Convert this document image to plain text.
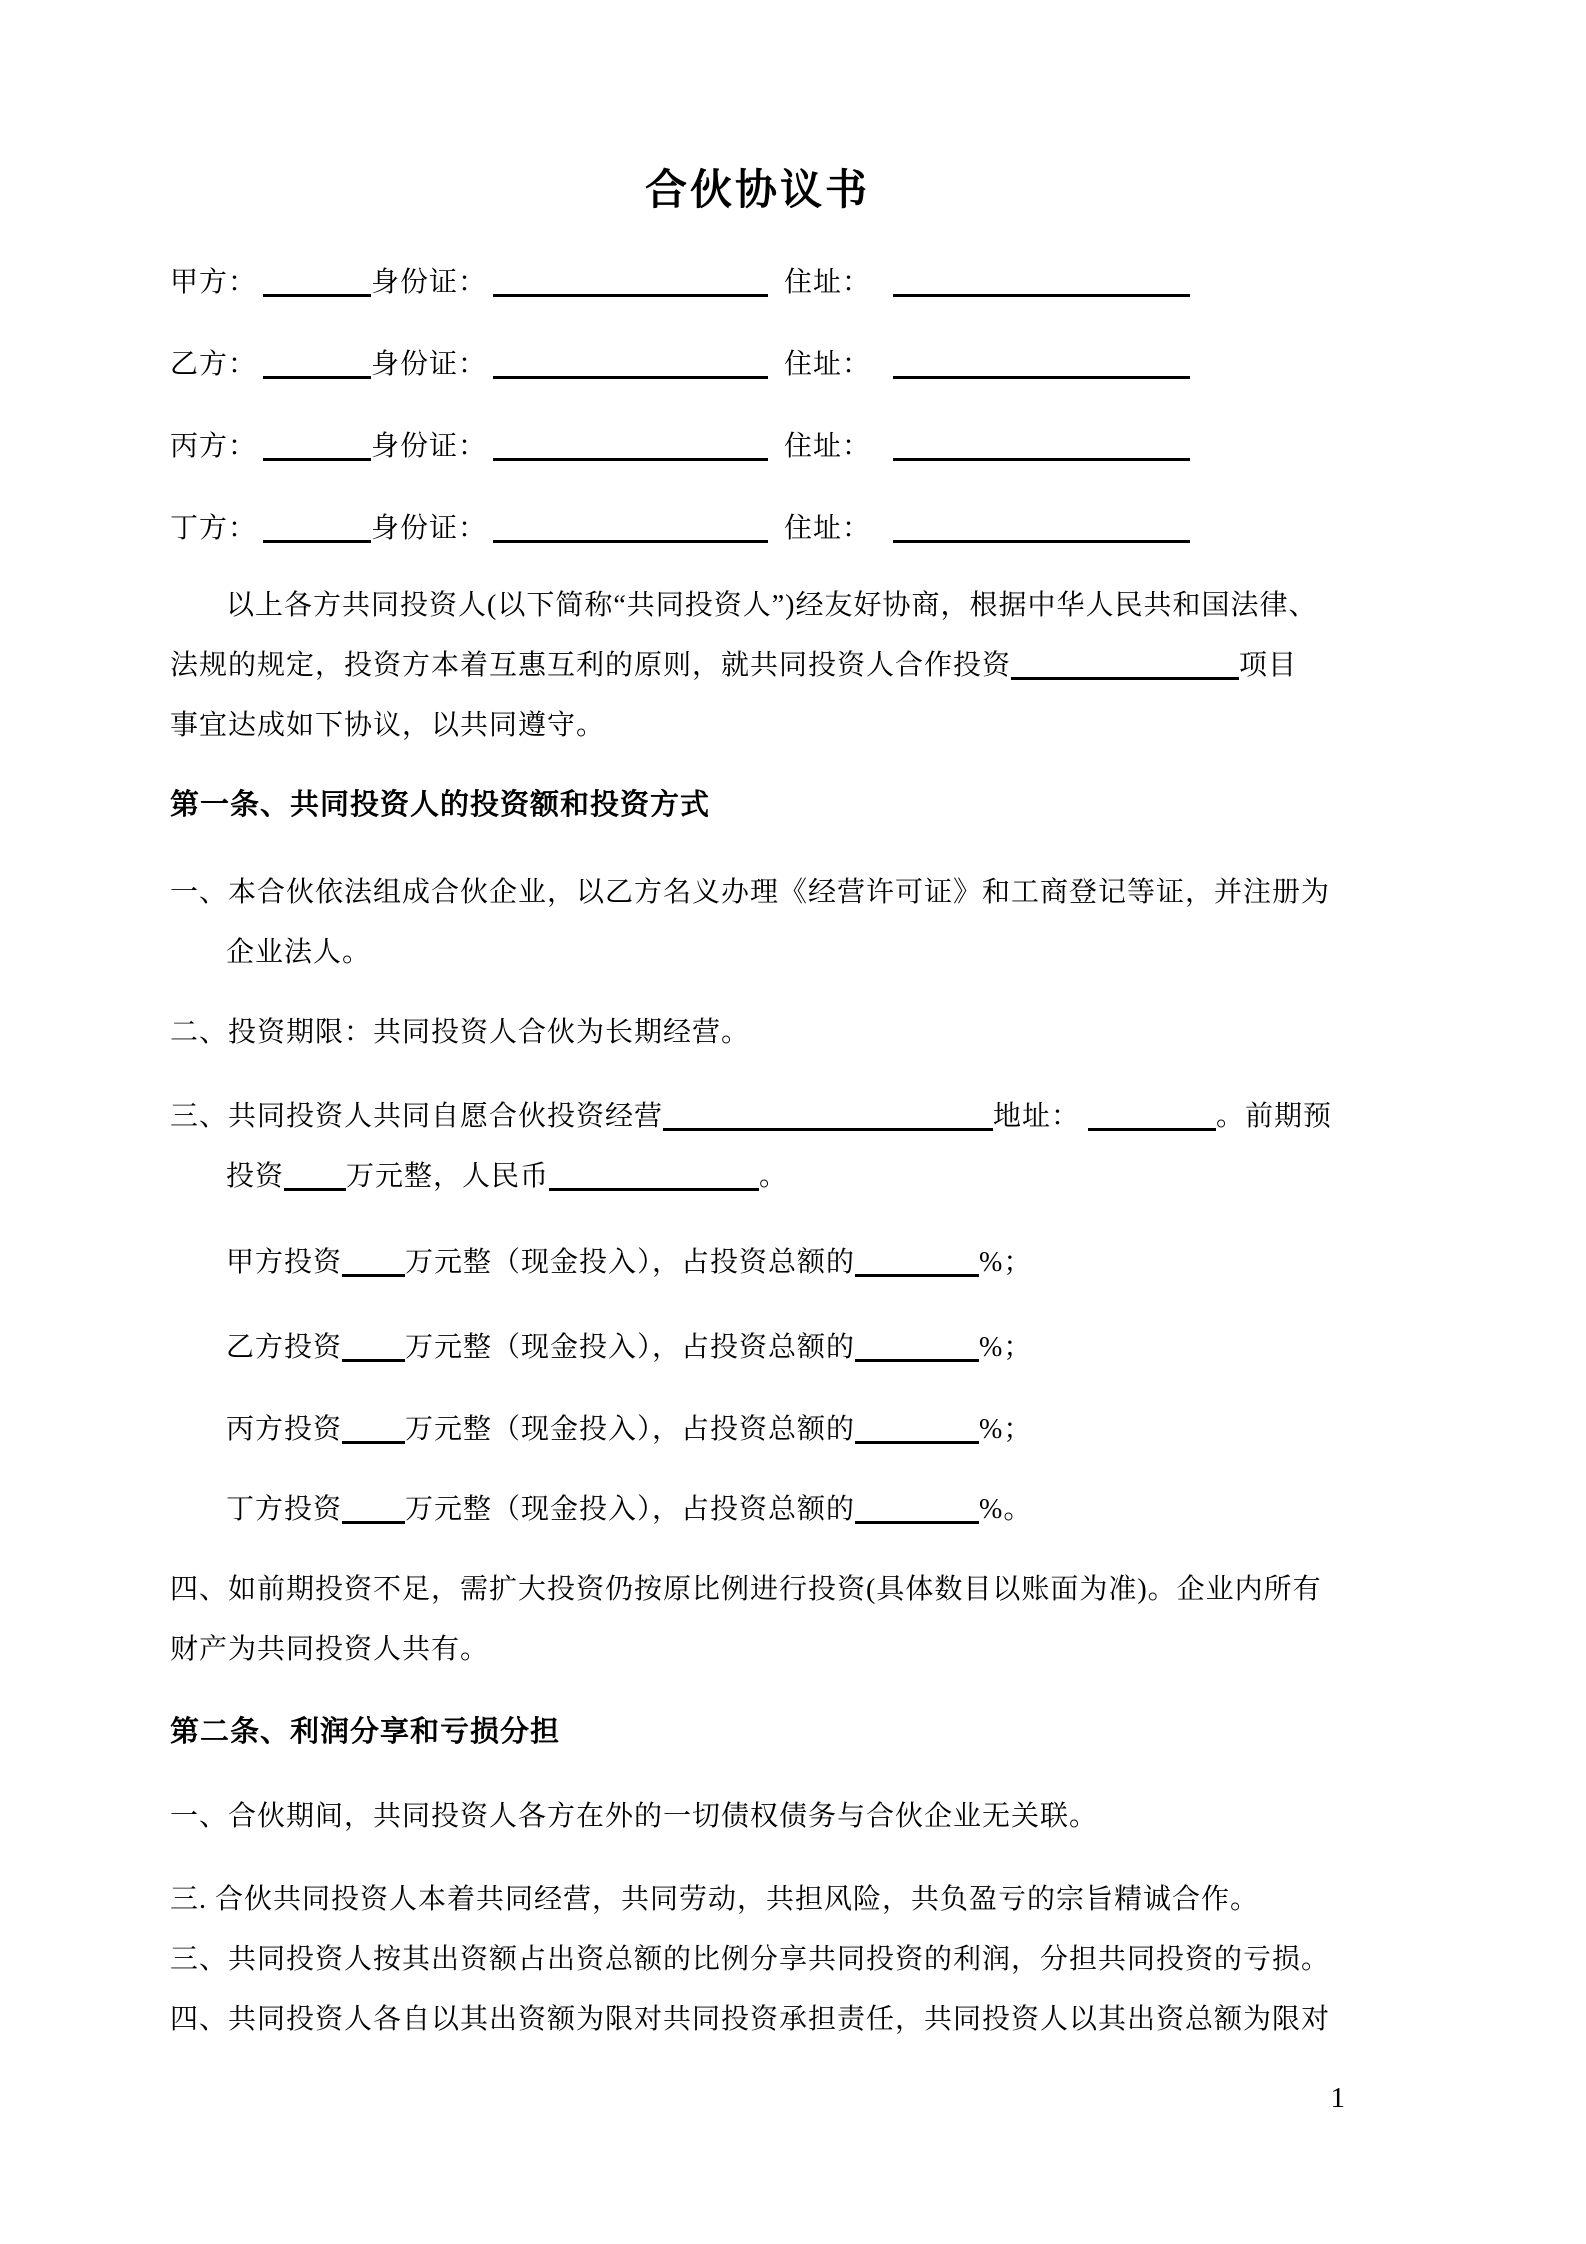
合伙协议书
甲方：	身份证：	住址：
乙方：	身份证：	住址：
丙方：	身份证：	住址：
丁方：	身份证：	住址：
以上各方共同投资人(以下简称“共同投资人”)经友好协商，根据中华人民共和国法律、
法规的规定，投资方本着互惠互利的原则，就共同投资人合作投资	项目
事宜达成如下协议，以共同遵守。
第一条、共同投资人的投资额和投资方式
一、本合伙依法组成合伙企业，以乙方名义办理《经营许可证》和工商登记等证，并注册为
企业法人。
二、投资期限：共同投资人合伙为长期经营。
三、共同投资人共同自愿合伙投资经营	地址：	。前期预
投资 万元整，人民币	。
甲方投资 万元整（现金投入），占投资总额的	%；
乙方投资 万元整（现金投入），占投资总额的	%；
丙方投资 万元整（现金投入），占投资总额的	%；
丁方投资 万元整（现金投入），占投资总额的	%。
四、如前期投资不足，需扩大投资仍按原比例进行投资(具体数目以账面为准)。企业内所有
财产为共同投资人共有。
第二条、利润分享和亏损分担
一、合伙期间，共同投资人各方在外的一切债权债务与合伙企业无关联。
三. 合伙共同投资人本着共同经营，共同劳动，共担风险，共负盈亏的宗旨精诚合作。
三、共同投资人按其出资额占出资总额的比例分享共同投资的利润，分担共同投资的亏损。
四、共同投资人各自以其出资额为限对共同投资承担责任，共同投资人以其出资总额为限对
1
